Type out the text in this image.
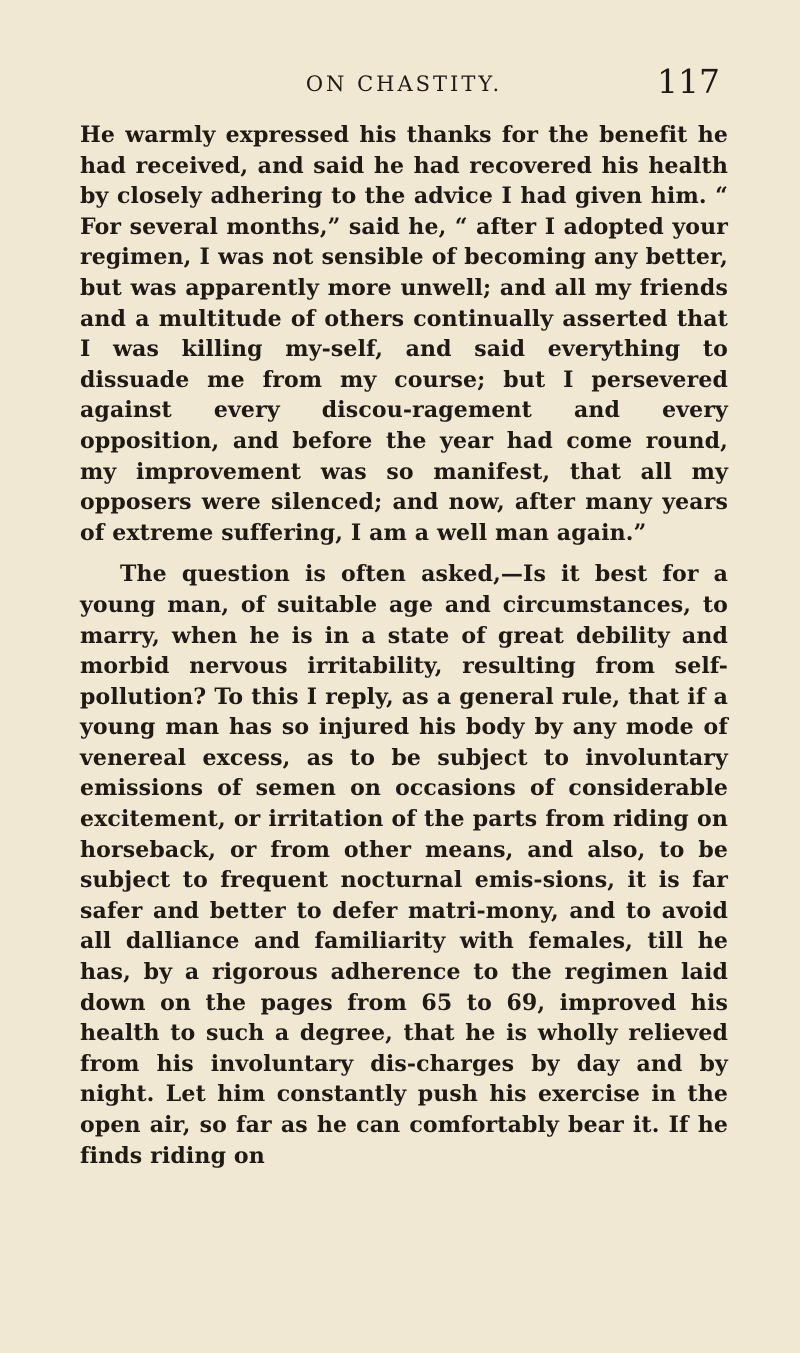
ON CHASTITY.	117

He warmly expressed his thanks for the benefit he had received, and said he had recovered his health by closely adhering to the advice I had given him. “ For several months,” said he, “ after I adopted your regimen, I was not sensible of becoming any better, but was apparently more unwell; and all my friends and a multitude of others continually asserted that I was killing my-self, and said everything to dissuade me from my course; but I persevered against every discou-ragement and every opposition, and before the year had come round, my improvement was so manifest, that all my opposers were silenced; and now, after many years of extreme suffering, I am a well man again.”

The question is often asked,—Is it best for a young man, of suitable age and circumstances, to marry, when he is in a state of great debility and morbid nervous irritability, resulting from self-pollution? To this I reply, as a general rule, that if a young man has so injured his body by any mode of venereal excess, as to be subject to involuntary emissions of semen on occasions of considerable excitement, or irritation of the parts from riding on horseback, or from other means, and also, to be subject to frequent nocturnal emis-sions, it is far safer and better to defer matri-mony, and to avoid all dalliance and familiarity with females, till he has, by a rigorous adherence to the regimen laid down on the pages from 65 to 69, improved his health to such a degree, that he is wholly relieved from his involuntary dis-charges by day and by night. Let him constantly push his exercise in the open air, so far as he can comfortably bear it. If he finds riding on
